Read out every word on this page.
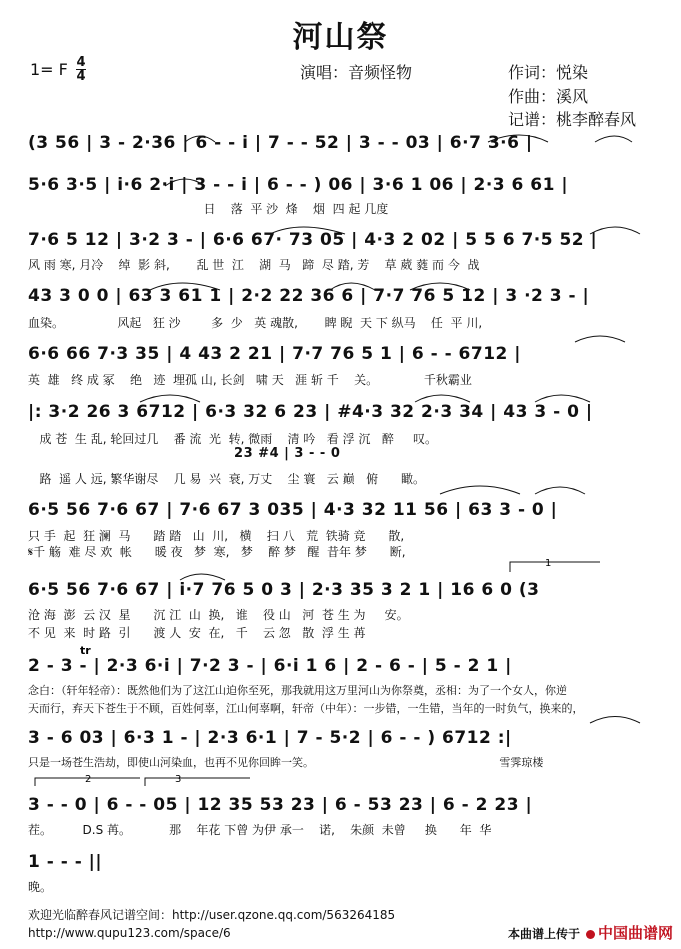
河山祭
1= F 4
4	演唱：音频怪物	作词：悦染
作曲：溪风
记谱：桃李醉春风
1
2	3
tr
(3 56 | 3 - 2·36 | 6 - - i | 7 - - 52 | 3 - - 03 | 6·7 3·6 |
5·6 3·5 | i·6 2·i | 3 - - i | 6 - - ) 06 | 3·6 1 06 | 2·3 6 61 |
日    落  平 沙  烽    烟  四 起 几度
7·6 5 12 | 3·2 3 - | 6·6 67· 73 05 | 4·3 2 02 | 5 5 6 7·5 52 |
风 雨 寒, 月冷    绰  影 斜,       乱 世  江    湖  马   蹄  尽 踏, 芳    草 葳 蕤 而 今  战
43 3 0 0 | 63 3 61 1 | 2·2 22 36 6 | 7·7 76 5 12 | 3 ·2 3 - |
血染。              风起   狂 沙        多  少   英 魂散,       睥 睨  天 下 纵马    任  平 川,
6·6 66 7·3 35 | 4 43 2 21 | 7·7 76 5 1 | 6 - - 6712 |
英  雄   终 成 冢    绝   迹  埋孤 山, 长剑   啸 天   涯 斩 千    关。            千秋霸业
|: 3·2 26 3 6712 | 6·3 32 6 23 | #4·3 32 2·3 34 | 43 3 - 0 |
成 苍  生 乱, 轮回过几    番 流  光  转, 微雨    清 吟   看 浮 沉   醉     叹。
23 #4 | 3 - - 0
路  遥 人 远, 繁华谢尽    几 易  兴  衰, 万丈    尘 寰   云 巅   俯      瞰。
6·5 56 7·6 67 | 7·6 67 3 035 | 4·3 32 11 56 | 63 3 - 0 |
只 手  起  狂 澜  马      踏 踏   山  川,   横    扫 八   荒  铁骑 竞      散,
𝄋千 觞  难 尽 欢  帐      暖 夜   梦  寒,   梦    醉 梦   醒  昔年 梦      断,
6·5 56 7·6 67 | i·7 76 5 0 3 | 2·3 35 3 2 1 | 16 6 0 (3
沧 海  澎  云 汉  星      沉 江  山  换,   谁    役 山   河  苍 生 为     安。
不 见  来  时 路  引      渡 人  安  在,   千    云 忽   散  浮 生 苒
2 - 3 - | 2·3 6·i | 7·2 3 - | 6·i 1 6 | 2 - 6 - | 5 - 2 1 |
念白：（轩年轻帝）：既然他们为了这江山迫你至死，那我就用这万里河山为你祭奠，丞相：为了一个女人，你逆
天而行，弃天下苍生于不顾，百姓何辜，江山何辜啊，轩帝（中年）：一步错，一生错，当年的一时负气，换来的，
3 - 6 03 | 6·3 1 - | 2·3 6·1 | 7 - 5·2 | 6 - - ) 6712 :|
只是一场苍生浩劫，即使山河染血，也再不见你回眸一笑。                                                     雪霁琼楼
3 - - 0 | 6 - - 05 | 12 35 53 23 | 6 - 53 23 | 6 - 2 23 |
茬。        D.S 苒。          那    年花 下曾 为伊 承一    诺,    朱颜  未曾     换      年  华
1 - - - ||
晚。
欢迎光临醉春风记谱空间：http://user.qzone.qq.com/563264185
http://www.qupu123.com/space/6	本曲谱上传于 中国曲谱网
